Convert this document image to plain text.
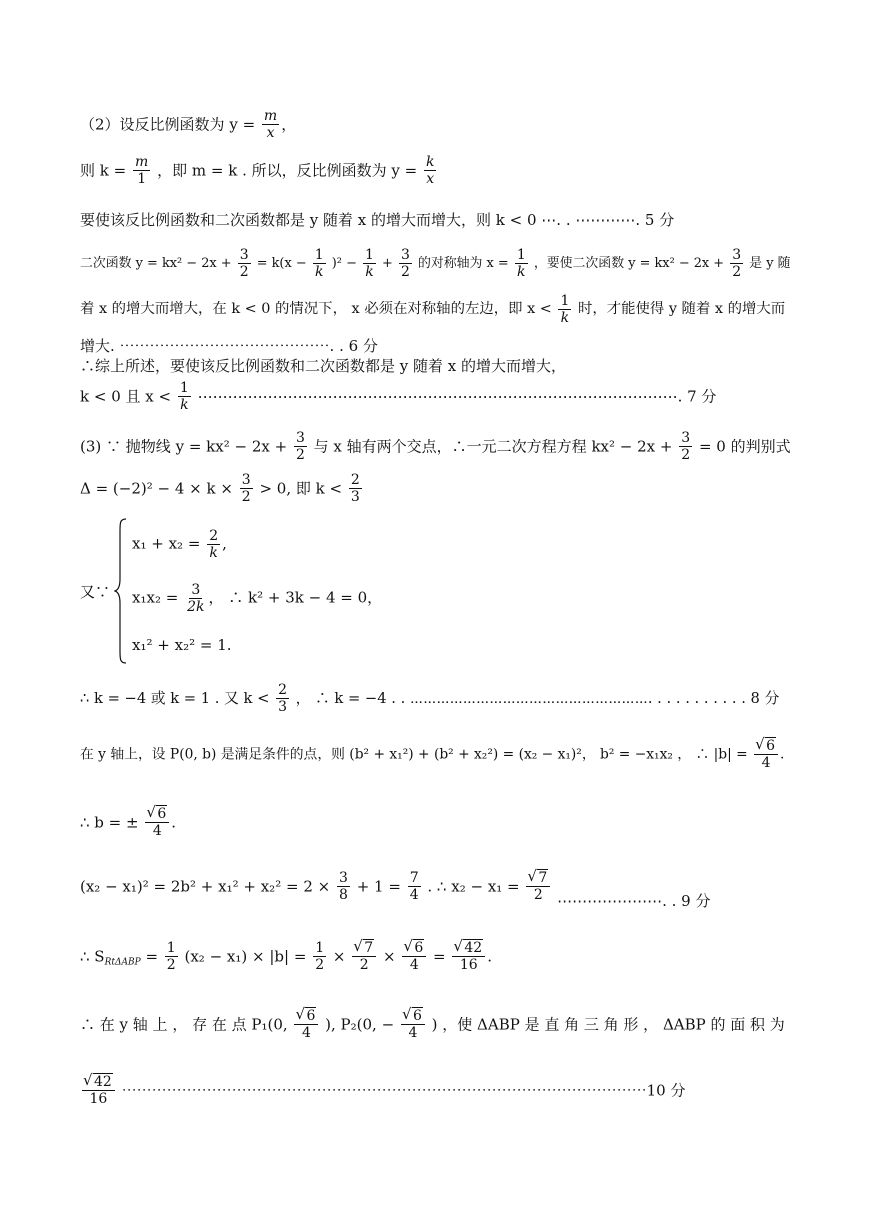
（2）设反比例函数为 $y = \frac{m}{x}$ ，
则 $k = \frac{m}{1}$ ，即 m = k . 所以，反比例函数为 $y = \frac{k}{x}$
要使该反比例函数和二次函数都是 y 随着 x 的增大而增大，则 k < 0 ⋯. . ⋯⋯⋯⋯. 5 分
二次函数 $y = kx^2 - 2x + \frac{3}{2} = k(x - \frac{1}{k} )^2 - \frac{1}{k} + \frac{3}{2}$ 的对称轴为 $x = \frac{1}{k}$ ，要使二次函数 $y = kx^2 - 2x + \frac{3}{2}$ 是 y 随
着 x 的增大而增大，在 k < 0 的情况下， x 必须在对称轴的左边，即 $x < \frac{1}{k}$ 时，才能使得 y 随着 x 的增大而
增大. ⋯⋯⋯⋯⋯⋯⋯⋯⋯⋯⋯⋯⋯⋯. . 6 分
∴综上所述，要使该反比例函数和二次函数都是 y 随着 x 的增大而增大，
k < 0 且 $x < \frac{1}{k}$ ⋯⋯⋯⋯⋯⋯⋯⋯⋯⋯⋯⋯⋯⋯⋯⋯⋯⋯⋯⋯⋯⋯⋯⋯⋯⋯⋯⋯⋯⋯⋯⋯. 7 分
(3) ∵ 抛物线 $y = kx^2 - 2x + \frac{3}{2}$ 与 x 轴有两个交点，∴一元二次方程方程 $kx^2 - 2x + \frac{3}{2} = 0$ 的判别式
$\Delta = (-2)^2 - 4 \times k \times \frac{3}{2} > 0$, 即 $k < \frac{2}{3}$
又∵
$x_1 + x_2 = \frac{2}{k}$ ,
$x_1x_2 = \frac{3}{2k}$ ， ∴ k² + 3k − 4 = 0，
x₁² + x₂² = 1.
∴ k = −4 或 k = 1 . 又 $k < \frac{2}{3}$ ， ∴ k = −4 . . ⋯⋯⋯⋯⋯⋯⋯⋯⋯⋯⋯⋯⋯⋯⋯⋯⋯⋯. . . . . . . . . . . 8 分
在 y 轴上，设 P(0, b) 是满足条件的点，则 (b² + x₁²) + (b² + x₂²) = (x₂ − x₁)²， b² = −x₁x₂ ， ∴ |b| = √ $\frac{6}{4}$ .
∴ b = ± √ $\frac{6}{4}$ .
$(x_2 - x_1)^2 = 2b^2 + x_1^2 + x_2^2 = 2 \times \frac{3}{8} + 1 = \frac{7}{4}$ . ∴ x₂ − x₁ = √ $\frac{7}{2}$ ⋯⋯⋯⋯⋯⋯⋯. . 9 分
∴ $S_{Rt\Delta ABP} = \frac{1}{2} (x_2 - x_1) \times |b| = \frac{1}{2}$ × √ $\frac{7}{2}$ × √ $\frac{6}{4}$ = √ $\frac{42}{16}$ .
∴ 在 y 轴 上 ， 存 在 点 P₁(0, √ $\frac{6}{4}$ ), P₂(0, − √ $\frac{6}{4}$ ) ，使 ΔABP 是 直 角 三 角 形 ， ΔABP 的 面 积 为
√ $\frac{42}{16}$ ⋯⋯⋯⋯⋯⋯⋯⋯⋯⋯⋯⋯⋯⋯⋯⋯⋯⋯⋯⋯⋯⋯⋯⋯⋯⋯⋯⋯⋯⋯⋯⋯⋯⋯⋯10 分
